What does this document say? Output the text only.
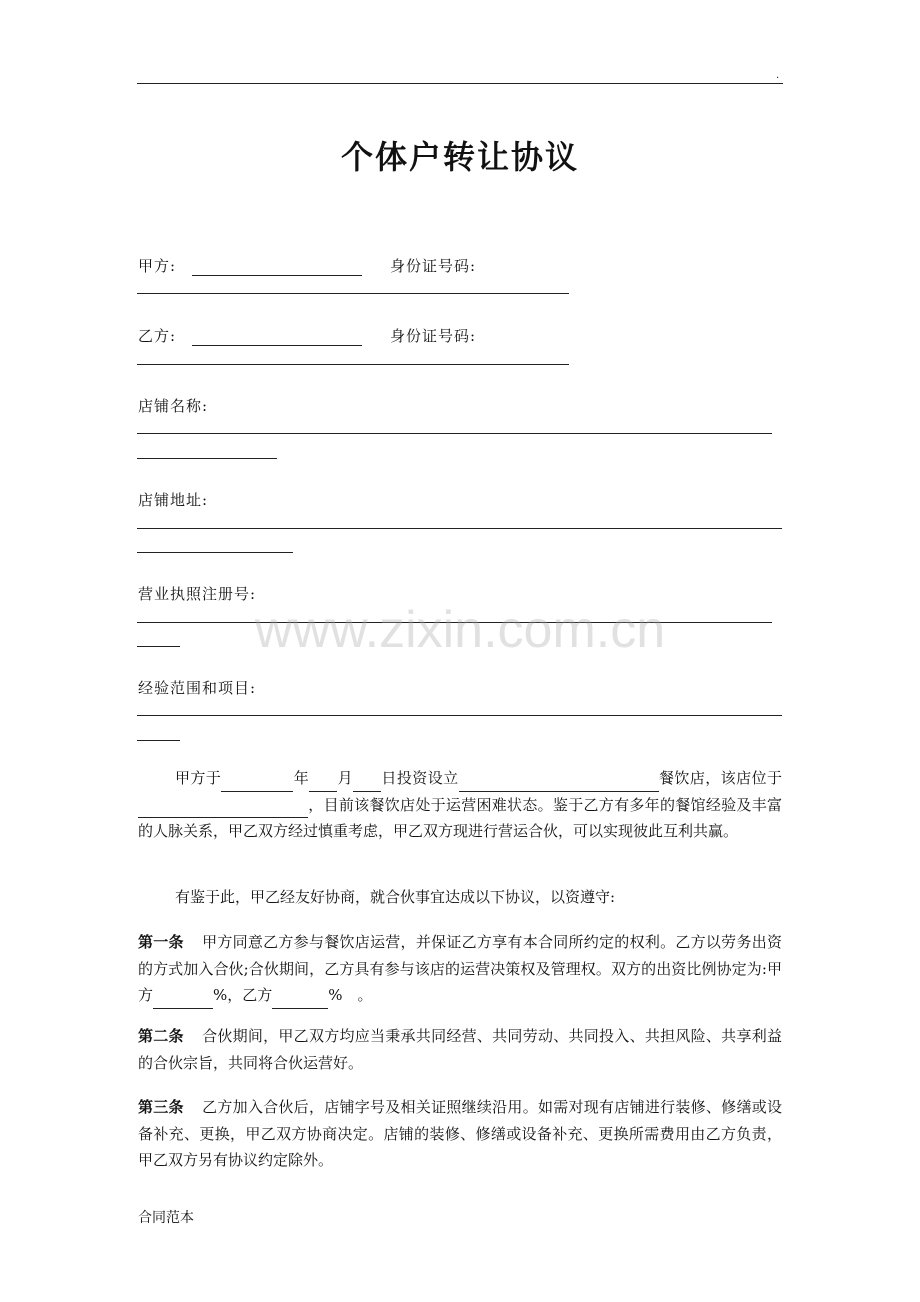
.
个体户转让协议
甲方:	身份证号码:
乙方:	身份证号码:
店铺名称:
店铺地址:
营业执照注册号:
经验范围和项目:
www.zixin.com.cn
甲方于	年 月 日投资设立	餐饮店，该店位于，目前该餐饮店处于运营困难状态。鉴于乙方有多年的餐馆经验及丰富的人脉关系，甲乙双方经过慎重考虑，甲乙双方现进行营运合伙，可以实现彼此互利共赢。
有鉴于此，甲乙经友好协商，就合伙事宜达成以下协议，以资遵守:
第一条 甲方同意乙方参与餐饮店运营，并保证乙方享有本合同所约定的权利。乙方以劳务出资的方式加入合伙;合伙期间，乙方具有参与该店的运营决策权及管理权。双方的出资比例协定为:甲方	%，乙方	%　。
第二条 合伙期间，甲乙双方均应当秉承共同经营、共同劳动、共同投入、共担风险、共享利益的合伙宗旨，共同将合伙运营好。
第三条 乙方加入合伙后，店铺字号及相关证照继续沿用。如需对现有店铺进行装修、修缮或设备补充、更换，甲乙双方协商决定。店铺的装修、修缮或设备补充、更换所需费用由乙方负责，甲乙双方另有协议约定除外。
合同范本
